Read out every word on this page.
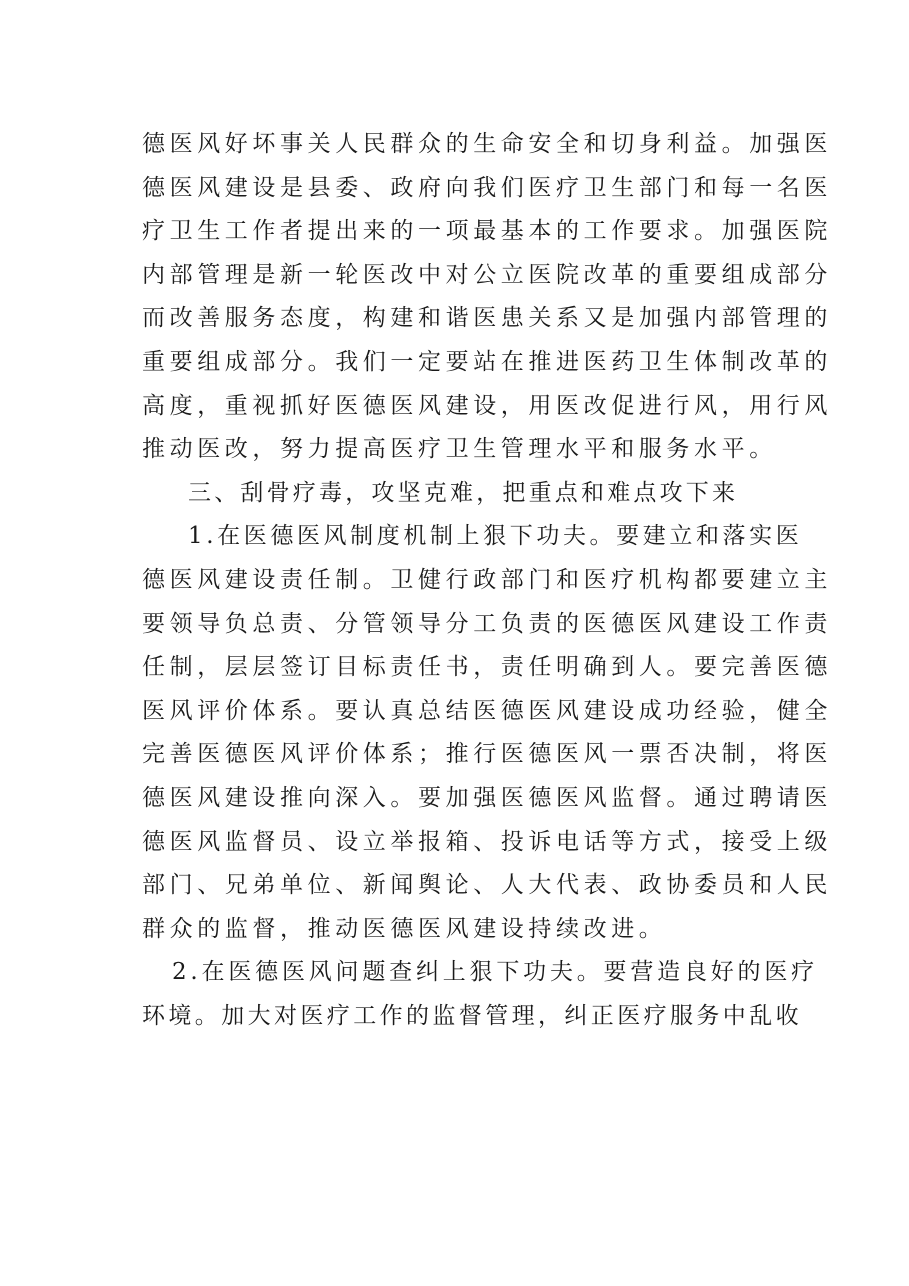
德医风好坏事关人民群众的生命安全和切身利益。加强医
德医风建设是县委、政府向我们医疗卫生部门和每一名医
疗卫生工作者提出来的一项最基本的工作要求。加强医院
内部管理是新一轮医改中对公立医院改革的重要组成部分
而改善服务态度，构建和谐医患关系又是加强内部管理的
重要组成部分。我们一定要站在推进医药卫生体制改革的
高度，重视抓好医德医风建设，用医改促进行风，用行风
推动医改，努力提高医疗卫生管理水平和服务水平。
三、刮骨疗毒，攻坚克难，把重点和难点攻下来
1.在医德医风制度机制上狠下功夫。要建立和落实医
德医风建设责任制。卫健行政部门和医疗机构都要建立主
要领导负总责、分管领导分工负责的医德医风建设工作责
任制，层层签订目标责任书，责任明确到人。要完善医德
医风评价体系。要认真总结医德医风建设成功经验，健全
完善医德医风评价体系；推行医德医风一票否决制，将医
德医风建设推向深入。要加强医德医风监督。通过聘请医
德医风监督员、设立举报箱、投诉电话等方式，接受上级
部门、兄弟单位、新闻舆论、人大代表、政协委员和人民
群众的监督，推动医德医风建设持续改进。
2.在医德医风问题查纠上狠下功夫。要营造良好的医疗
环境。加大对医疗工作的监督管理，纠正医疗服务中乱收
